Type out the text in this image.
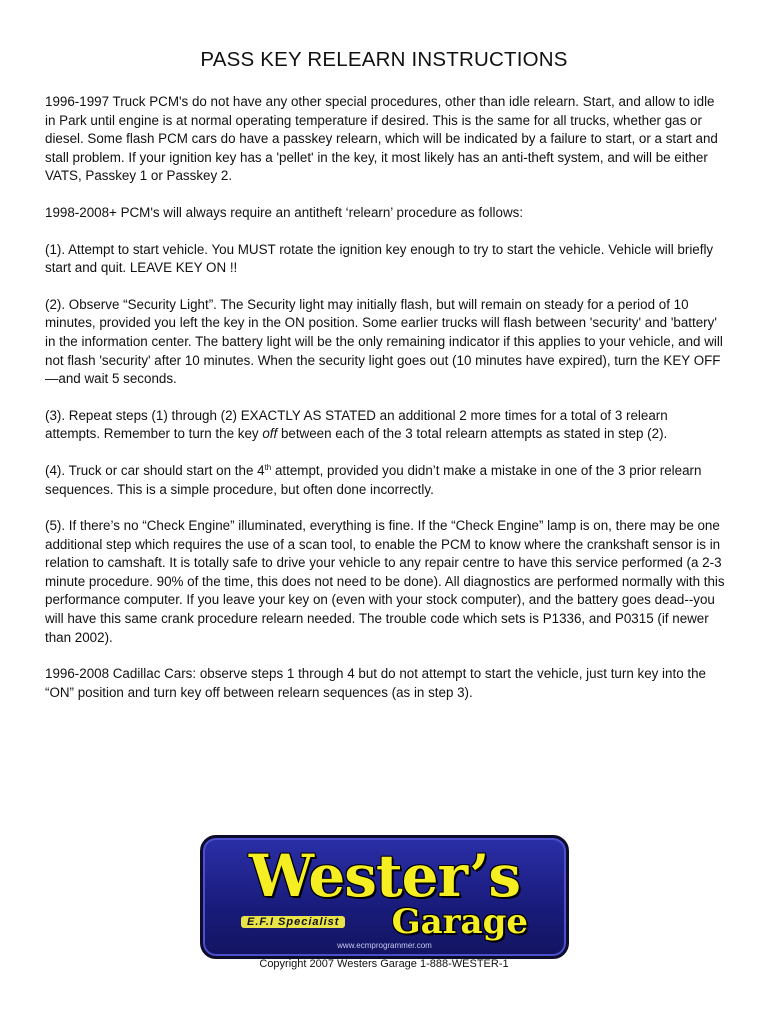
PASS KEY RELEARN INSTRUCTIONS

1996-1997 Truck PCM's do not have any other special procedures, other than idle relearn. Start, and allow to idle in Park until engine is at normal operating temperature if desired. This is the same for all trucks, whether gas or diesel. Some flash PCM cars do have a passkey relearn, which will be indicated by a failure to start, or a start and stall problem. If your ignition key has a 'pellet' in the key, it most likely has an anti-theft system, and will be either VATS, Passkey 1 or Passkey 2.

1998-2008+ PCM's will always require an antitheft ‘relearn’ procedure as follows:

(1). Attempt to start vehicle. You MUST rotate the ignition key enough to try to start the vehicle. Vehicle will briefly start and quit. LEAVE KEY ON !!

(2). Observe “Security Light”. The Security light may initially flash, but will remain on steady for a period of 10 minutes, provided you left the key in the ON position. Some earlier trucks will flash between 'security' and 'battery' in the information center. The battery light will be the only remaining indicator if this applies to your vehicle, and will not flash 'security' after 10 minutes. When the security light goes out (10 minutes have expired), turn the KEY OFF—and wait 5 seconds.

(3). Repeat steps (1) through (2) EXACTLY AS STATED an additional 2 more times for a total of 3 relearn attempts. Remember to turn the key off between each of the 3 total relearn attempts as stated in step (2).

(4). Truck or car should start on the 4th attempt, provided you didn’t make a mistake in one of the 3 prior relearn sequences. This is a simple procedure, but often done incorrectly.

(5). If there’s no “Check Engine” illuminated, everything is fine. If the “Check Engine” lamp is on, there may be one additional step which requires the use of a scan tool, to enable the PCM to know where the crankshaft sensor is in relation to camshaft. It is totally safe to drive your vehicle to any repair centre to have this service performed (a 2-3 minute procedure. 90% of the time, this does not need to be done). All diagnostics are performed normally with this performance computer. If you leave your key on (even with your stock computer), and the battery goes dead--you will have this same crank procedure relearn needed. The trouble code which sets is P1336, and P0315 (if newer than 2002).

1996-2008 Cadillac Cars: observe steps 1 through 4 but do not attempt to start the vehicle, just turn key into the “ON” position and turn key off between relearn sequences (as in step 3).

Wester’s
E.F.I Specialist Garage
www.ecmprogrammer.com
Copyright 2007 Westers Garage 1-888-WESTER-1
